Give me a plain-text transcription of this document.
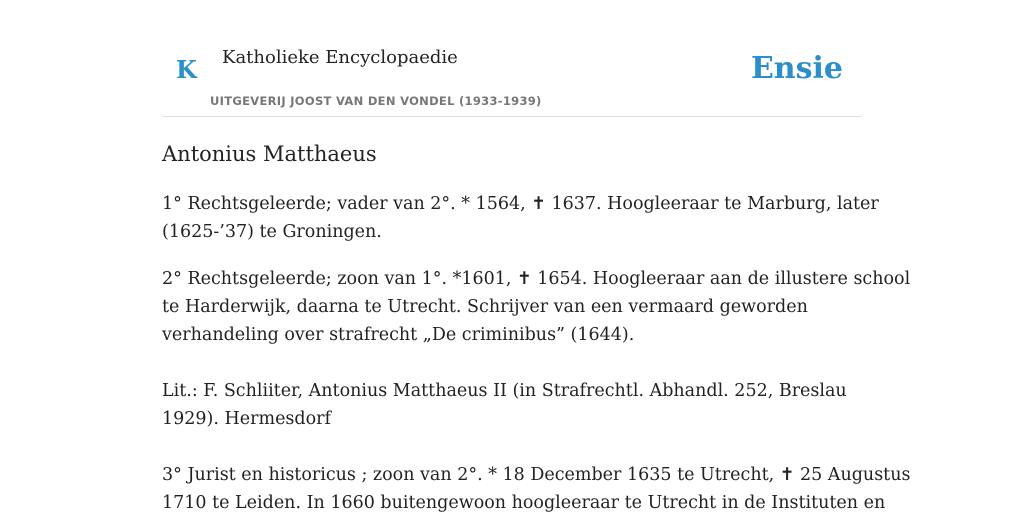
K Katholieke Encyclopaedie
UITGEVERIJ JOOST VAN DEN VONDEL (1933-1939)
Ensie
Antonius Matthaeus

1° Rechtsgeleerde; vader van 2°. * 1564, ✝ 1637. Hoogleeraar te Marburg, later
(1625-’37) te Groningen.

2° Rechtsgeleerde; zoon van 1°. *1601, ✝ 1654. Hoogleeraar aan de illustere school
te Harderwijk, daarna te Utrecht. Schrijver van een vermaard geworden
verhandeling over strafrecht „De criminibus” (1644).

Lit.: F. Schliiter, Antonius Matthaeus II (in Strafrechtl. Abhandl. 252, Breslau
1929). Hermesdorf

3° Jurist en historicus ; zoon van 2°. * 18 December 1635 te Utrecht, ✝ 25 Augustus
1710 te Leiden. In 1660 buitengewoon hoogleeraar te Utrecht in de Instituten en
